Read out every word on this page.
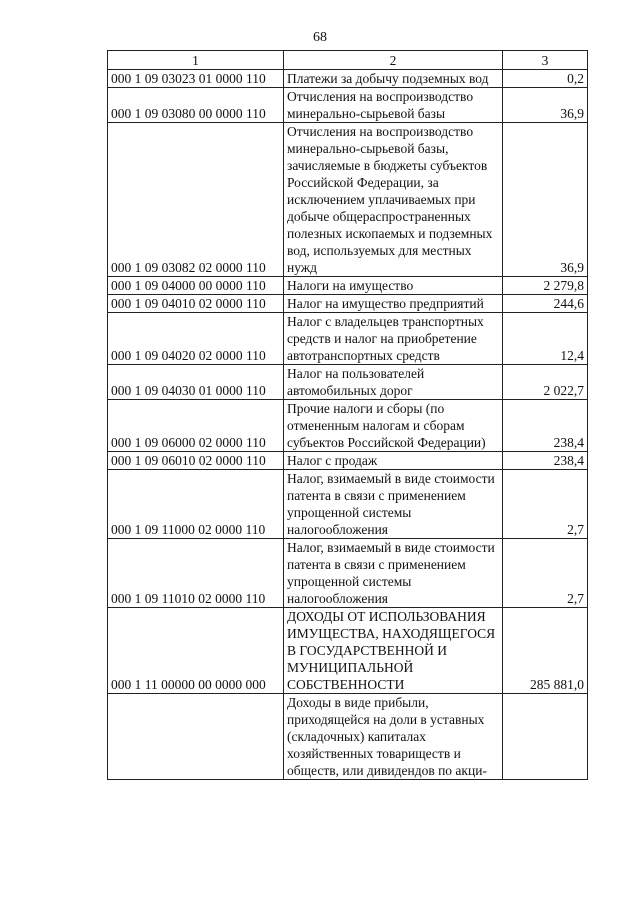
68
1	2	3
000 1 09 03023 01 0000 110	Платежи за добычу подземных вод	0,2
000 1 09 03080 00 0000 110	Отчисления на воспроизводство минерально-сырьевой базы	36,9
000 1 09 03082 02 0000 110	Отчисления на воспроизводство минерально-сырьевой базы, зачисляемые в бюджеты субъектов Российской Федерации, за исключением уплачиваемых при добыче общераспространенных полезных ископаемых и подземных вод, используемых для местных нужд	36,9
000 1 09 04000 00 0000 110	Налоги на имущество	2 279,8
000 1 09 04010 02 0000 110	Налог на имущество предприятий	244,6
000 1 09 04020 02 0000 110	Налог с владельцев транспортных средств и налог на приобретение автотранспортных средств	12,4
000 1 09 04030 01 0000 110	Налог на пользователей автомобильных дорог	2 022,7
000 1 09 06000 02 0000 110	Прочие налоги и сборы (по отмененным налогам и сборам субъектов Российской Федерации)	238,4
000 1 09 06010 02 0000 110	Налог с продаж	238,4
000 1 09 11000 02 0000 110	Налог, взимаемый в виде стоимости патента в связи с применением упрощенной системы налогообложения	2,7
000 1 09 11010 02 0000 110	Налог, взимаемый в виде стоимости патента в связи с применением упрощенной системы налогообложения	2,7
000 1 11 00000 00 0000 000	ДОХОДЫ ОТ ИСПОЛЬЗОВАНИЯ ИМУЩЕСТВА, НАХОДЯЩЕГОСЯ В ГОСУДАРСТВЕННОЙ И МУНИЦИПАЛЬНОЙ СОБСТВЕННОСТИ	285 881,0
	Доходы в виде прибыли, приходящейся на доли в уставных (складочных) капиталах хозяйственных товариществ и обществ, или дивидендов по акци-	
